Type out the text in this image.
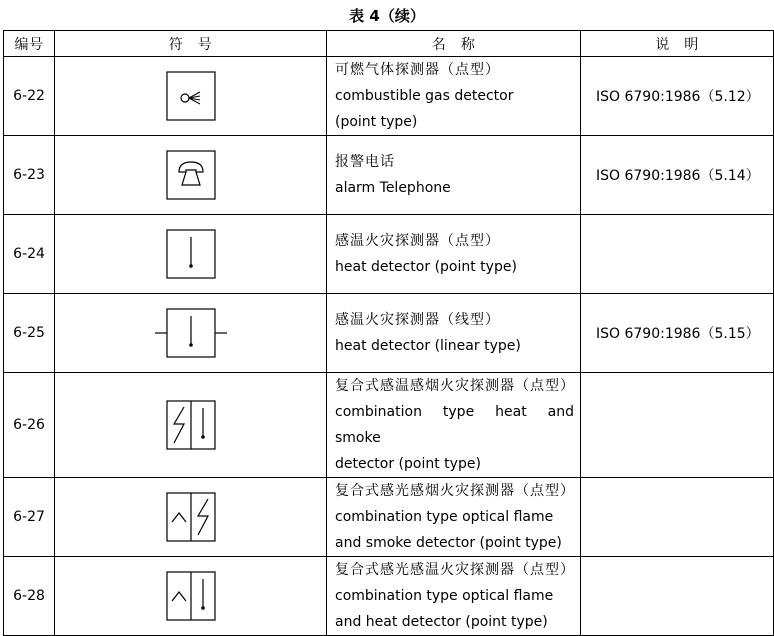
表 4（续）
编号	符　号	名　称	说　明
6-22		可燃气体探测器（点型）
combustible gas detector
(point type)	ISO 6790:1986（5.12）
6-23		报警电话
alarm Telephone	ISO 6790:1986（5.14）
6-24		感温火灾探测器（点型）
heat detector (point type)	

6-25		感温火灾探测器（线型）
heat detector (linear type)	ISO 6790:1986（5.15）
6-26		复合式感温感烟火灾探测器（点型）
combination type heat and smoke
detector (point type)	

6-27		复合式感光感烟火灾探测器（点型）
combination type optical flame
and smoke detector (point type)	

6-28		复合式感光感温火灾探测器（点型）
combination type optical flame
and heat detector (point type)	
